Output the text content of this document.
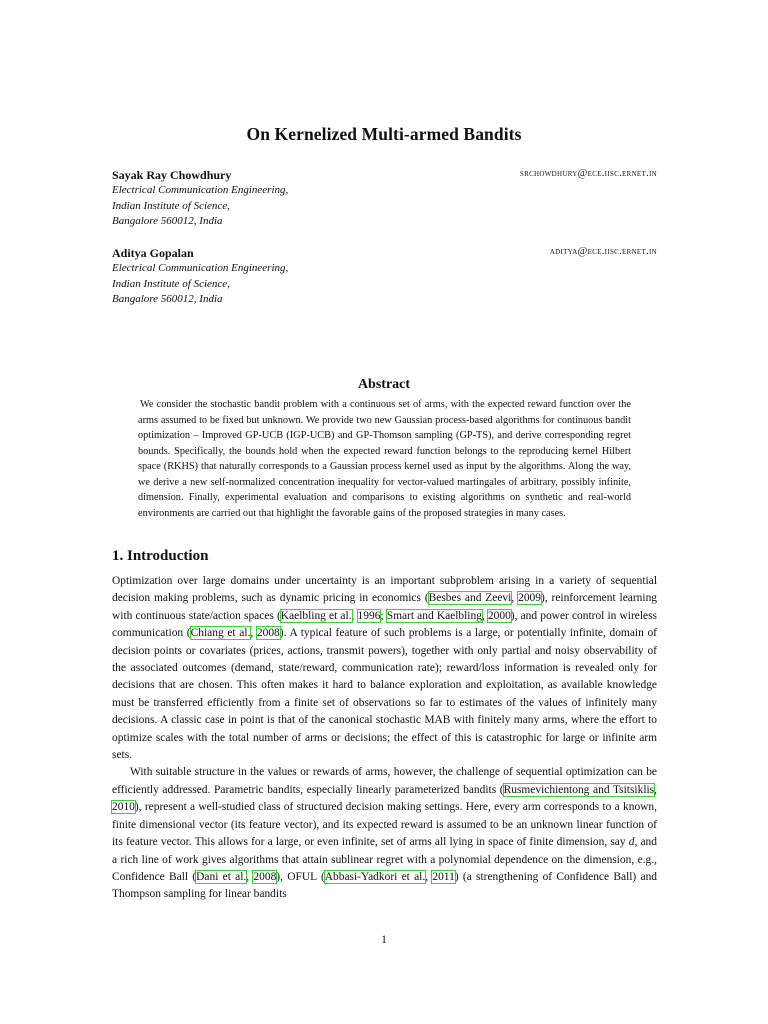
On Kernelized Multi-armed Bandits
Sayak Ray Chowdhury	srchowdhury@ece.iisc.ernet.in
Electrical Communication Engineering,
Indian Institute of Science,
Bangalore 560012, India
Aditya Gopalan	aditya@ece.iisc.ernet.in
Electrical Communication Engineering,
Indian Institute of Science,
Bangalore 560012, India
Abstract
We consider the stochastic bandit problem with a continuous set of arms, with the expected reward function over the arms assumed to be fixed but unknown. We provide two new Gaussian process-based algorithms for continuous bandit optimization – Improved GP-UCB (IGP-UCB) and GP-Thomson sampling (GP-TS), and derive corresponding regret bounds. Specifically, the bounds hold when the expected reward function belongs to the reproducing kernel Hilbert space (RKHS) that naturally corresponds to a Gaussian process kernel used as input by the algorithms. Along the way, we derive a new self-normalized concentration inequality for vector-valued martingales of arbitrary, possibly infinite, dimension. Finally, experimental evaluation and comparisons to existing algorithms on synthetic and real-world environments are carried out that highlight the favorable gains of the proposed strategies in many cases.
1. Introduction

Optimization over large domains under uncertainty is an important subproblem arising in a variety of sequential decision making problems, such as dynamic pricing in economics (Besbes and Zeevi, 2009), reinforcement learning with continuous state/action spaces (Kaelbling et al., 1996; Smart and Kaelbling, 2000), and power control in wireless communication (Chiang et al., 2008). A typical feature of such problems is a large, or potentially infinite, domain of decision points or covariates (prices, actions, transmit powers), together with only partial and noisy observability of the associated outcomes (demand, state/reward, communication rate); reward/loss information is revealed only for decisions that are chosen. This often makes it hard to balance exploration and exploitation, as available knowledge must be transferred efficiently from a finite set of observations so far to estimates of the values of infinitely many decisions. A classic case in point is that of the canonical stochastic MAB with finitely many arms, where the effort to optimize scales with the total number of arms or decisions; the effect of this is catastrophic for large or infinite arm sets.

With suitable structure in the values or rewards of arms, however, the challenge of sequential optimization can be efficiently addressed. Parametric bandits, especially linearly parameterized bandits (Rusmevichientong and Tsitsiklis, 2010), represent a well-studied class of structured decision making settings. Here, every arm corresponds to a known, finite dimensional vector (its feature vector), and its expected reward is assumed to be an unknown linear function of its feature vector. This allows for a large, or even infinite, set of arms all lying in space of finite dimension, say d, and a rich line of work gives algorithms that attain sublinear regret with a polynomial dependence on the dimension, e.g., Confidence Ball (Dani et al., 2008), OFUL (Abbasi-Yadkori et al., 2011) (a strengthening of Confidence Ball) and Thompson sampling for linear bandits

1
